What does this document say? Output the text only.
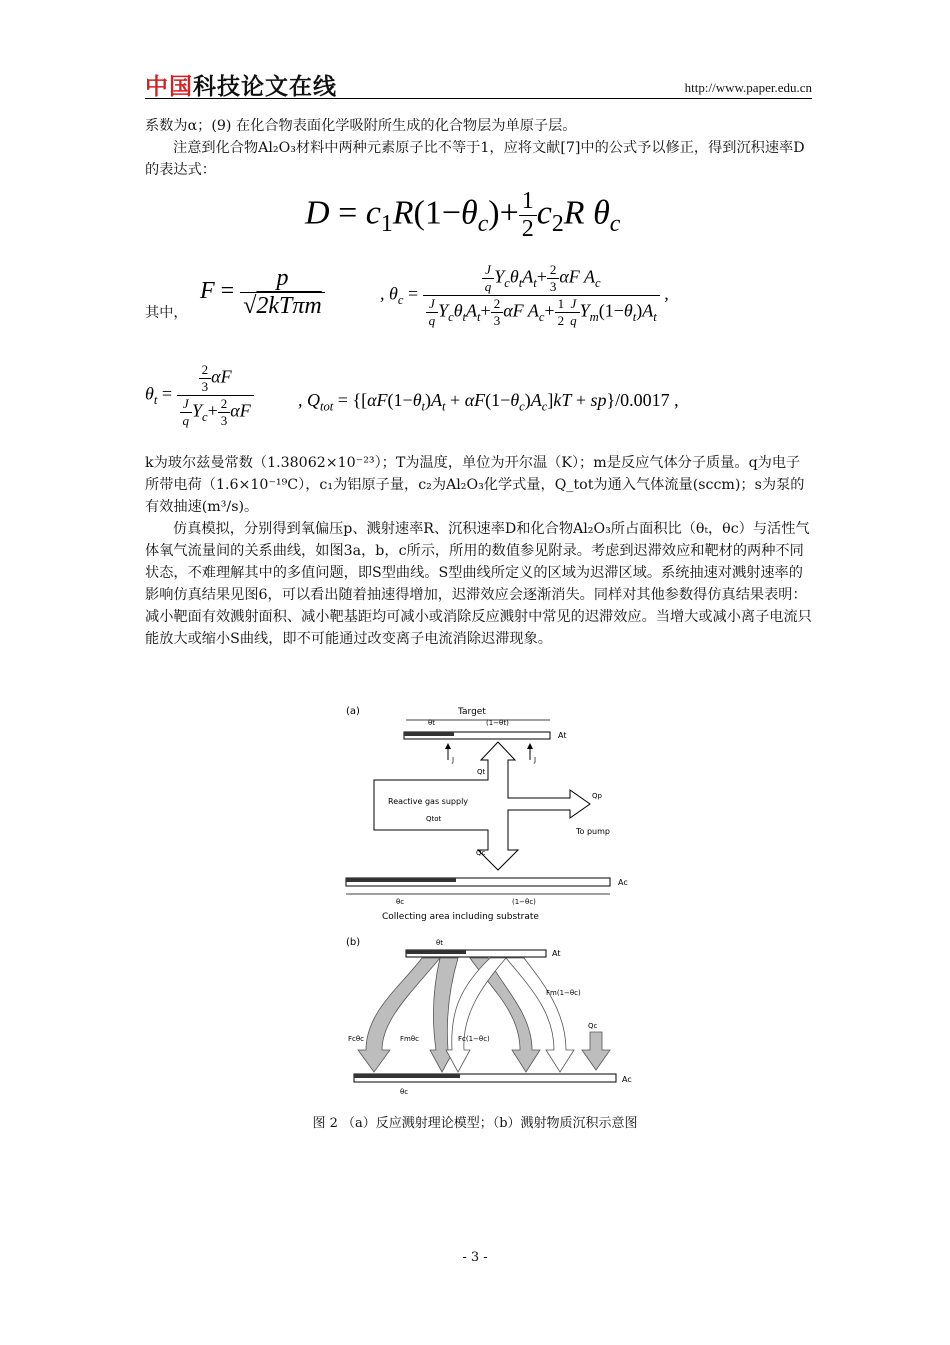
中国科技论文在线	http://www.paper.edu.cn

系数为α；(9) 在化合物表面化学吸附所生成的化合物层为单原子层。

注意到化合物Al₂O₃材料中两种元素原子比不等于1，应将文献[7]中的公式予以修正，得到沉积速率D的表达式：

$D = c_1R(1-\theta_c)+ \frac{1}{2} c_2R$ $\theta_c$
其中，
$F = \frac{p}{\text{√2kTπm}}$	, $\theta_c = \frac{\frac{J}{q} Y_c\theta_tA_t+ \frac{2}{3} \alpha F A_c}{\frac{J}{q} Y_c\theta_tA_t+ \frac{2}{3} \alpha F A_c+ \frac{1}{2} \frac{J}{q} Y_m(1-\theta_t)A_t}$ ,
$\theta_t = \frac{\frac{2}{3} \alpha F}{\frac{J}{q} Y_c+ \frac{2}{3} \alpha F}$ , $Q_{tot} = \{[\alpha F(1-\theta_t)A_t + \alpha F(1-\theta_c)A_c]kT + sp\}/0.0017$ ,

k为玻尔兹曼常数（1.38062×10⁻²³）；T为温度，单位为开尔温（K）；m是反应气体分子质量。q为电子所带电荷（1.6×10⁻¹⁹C），c₁为铝原子量，c₂为Al₂O₃化学式量，Q_tot为通入气体流量(sccm)；s为泵的有效抽速(m³/s)。

仿真模拟，分别得到氧偏压p、溅射速率R、沉积速率D和化合物Al₂O₃所占面积比（θₜ，θc）与活性气体氧气流量间的关系曲线，如图3a，b，c所示，所用的数值参见附录。考虑到迟滞效应和靶材的两种不同状态，不难理解其中的多值问题，即S型曲线。S型曲线所定义的区域为迟滞区域。系统抽速对溅射速率的影响仿真结果见图6，可以看出随着抽速得增加，迟滞效应会逐渐消失。同样对其他参数得仿真结果表明：减小靶面有效溅射面积、减小靶基距均可减小或消除反应溅射中常见的迟滞效应。当增大或减小离子电流只能放大或缩小S曲线，即不可能通过改变离子电流消除迟滞现象。

(a)	Target
θt	(1−θt)
At
J	J
Qt
Reactive gas supply
Qtot
Qp
To pump
Qc
Ac
θc	(1−θc)
Collecting area including substrate
(b)	θt
At
Fm(1−θc)
Qc
Fcθc	Fmθc	Fc(1−θc)
Ac
θc
图 2 （a）反应溅射理论模型；（b）溅射物质沉积示意图
- 3 -
